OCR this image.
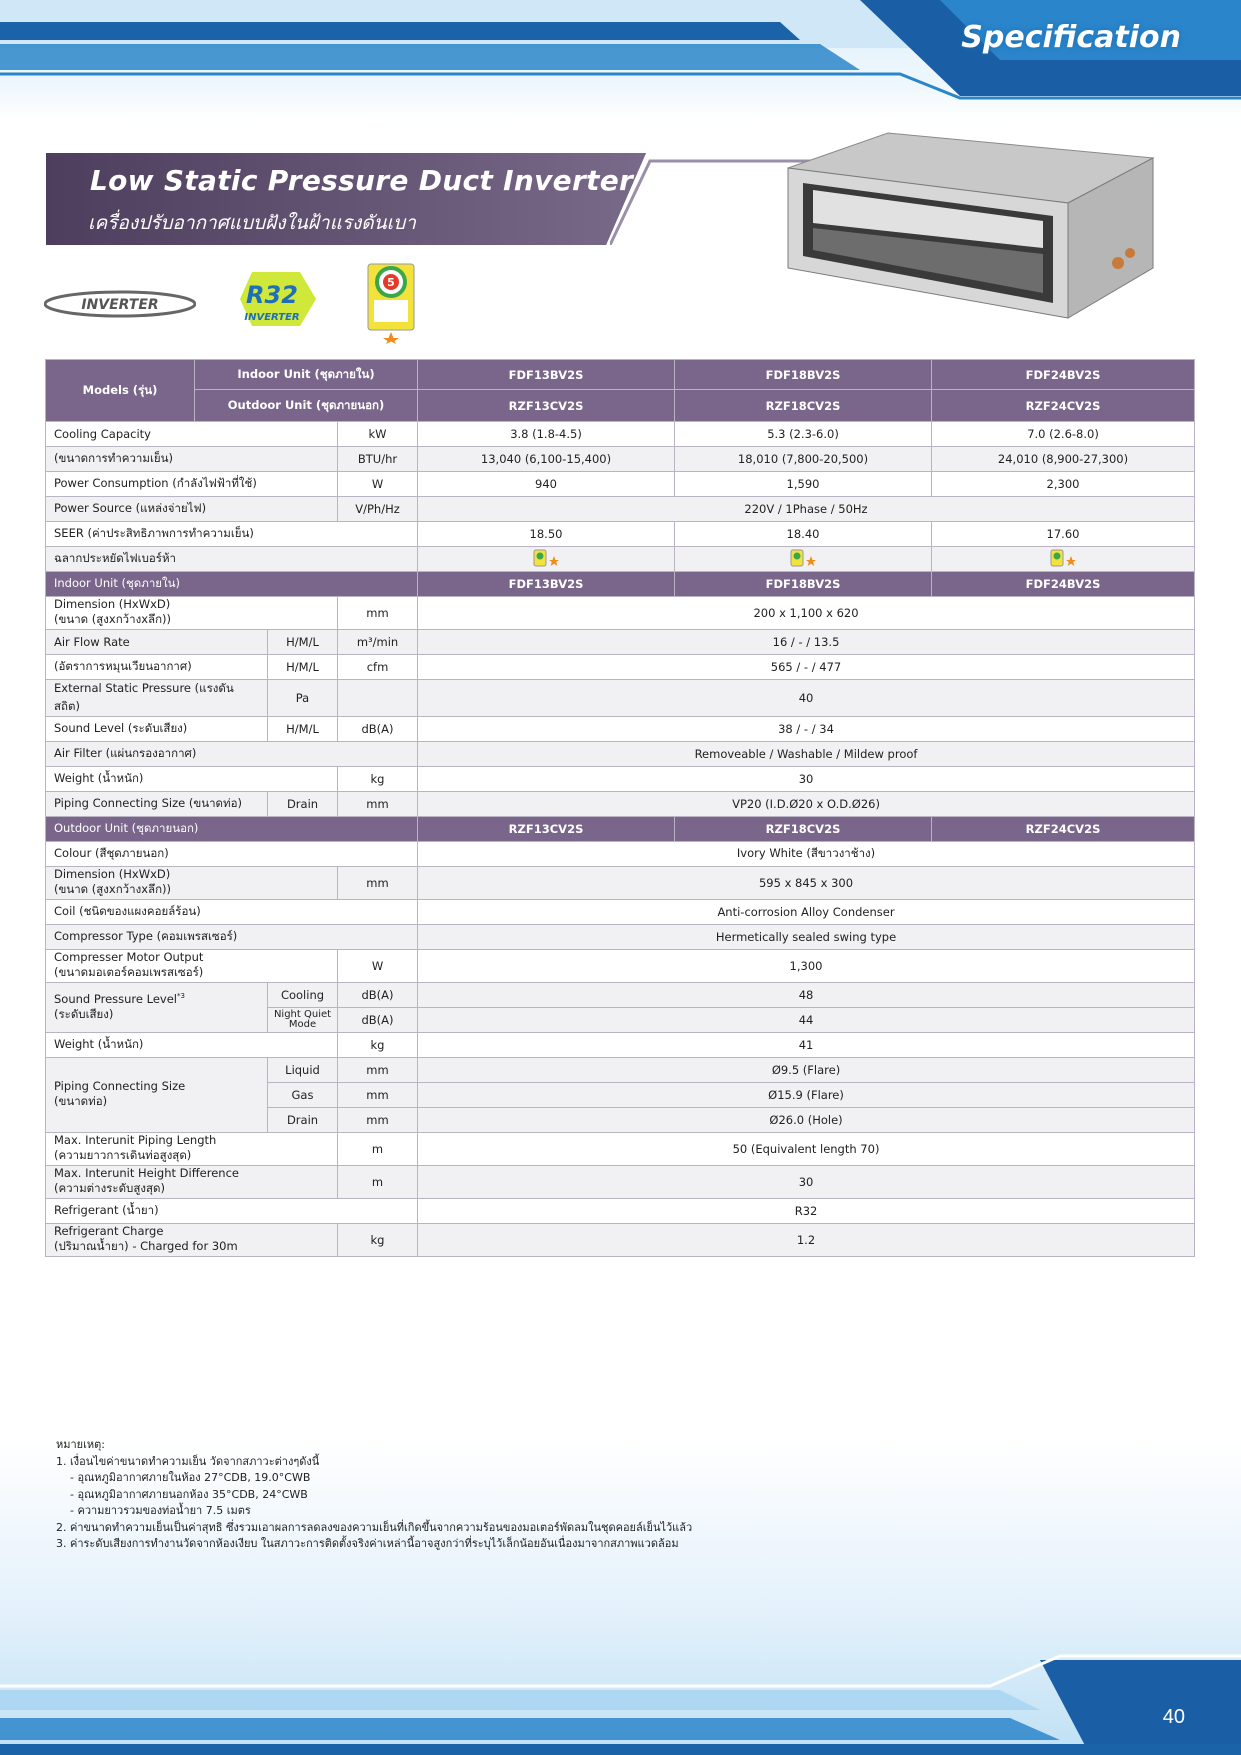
Specification
40
Low Static Pressure Duct Inverter
เครื่องปรับอากาศแบบฝังในฝ้าแรงดันเบา
INVERTER	R32
INVERTER
5
Models (รุ่น)	Indoor Unit (ชุดภายใน)			FDF13BV2S	FDF18BV2S	FDF24BV2S
	Outdoor Unit (ชุดภายนอก)			RZF13CV2S	RZF18CV2S	RZF24CV2S
Cooling Capacity			kW	3.8 (1.8-4.5)	5.3 (2.3-6.0)	7.0 (2.6-8.0)
(ขนาดการทำความเย็น)			BTU/hr	13,040 (6,100-15,400)	18,010 (7,800-20,500)	24,010 (8,900-27,300)
Power Consumption (กำลังไฟฟ้าที่ใช้)			W	940	1,590	2,300
Power Source (แหล่งจ่ายไฟ)			V/Ph/Hz	220V / 1Phase / 50Hz		
SEER (ค่าประสิทธิภาพการทำความเย็น)				18.50	18.40	17.60
ฉลากประหยัดไฟเบอร์ห้า			
Indoor Unit (ชุดภายใน)				FDF13BV2S	FDF18BV2S	FDF24BV2S

Dimension (HxWxD)
(ขนาด (สูงxกว้างxลึก))			mm	200 x 1,100 x 620		
Air Flow Rate		H/M/L	m³/min	16 / - / 13.5		
(อัตราการหมุนเวียนอากาศ)		H/M/L	cfm	565 / - / 477		
External Static Pressure (แรงดันสถิต)		Pa		40		
Sound Level (ระดับเสียง)		H/M/L	dB(A)	38 / - / 34		
Air Filter (แผ่นกรองอากาศ)				Removeable / Washable / Mildew proof		
Weight (น้ำหนัก)			kg	30		
Piping Connecting Size (ขนาดท่อ)		Drain	mm	VP20 (I.D.Ø20 x O.D.Ø26)		
Outdoor Unit (ชุดภายนอก)				RZF13CV2S	RZF18CV2S	RZF24CV2S
Colour (สีชุดภายนอก)				Ivory White (สีขาวงาช้าง)		

Dimension (HxWxD)
(ขนาด (สูงxกว้างxลึก))			mm	595 x 845 x 300		
Coil (ชนิดของแผงคอยล์ร้อน)				Anti-corrosion Alloy Condenser		
Compressor Type (คอมเพรสเซอร์)				Hermetically sealed swing type		

Compresser Motor Output
(ขนาดมอเตอร์คอมเพรสเซอร์)			W	1,300		

Sound Pressure Level$^{*3}$
(ระดับเสียง)		Cooling	dB(A)	48		
		Night Quiet Mode	dB(A)	44		
Weight (น้ำหนัก)			kg	41		

Piping Connecting Size
(ขนาดท่อ)		Liquid	mm	Ø9.5 (Flare)		
		Gas	mm	Ø15.9 (Flare)		
		Drain	mm	Ø26.0 (Hole)		

Max. Interunit Piping Length
(ความยาวการเดินท่อสูงสุด)			m	50 (Equivalent length 70)		

Max. Interunit Height Difference
(ความต่างระดับสูงสุด)			m	30		
Refrigerant (น้ำยา)				R32		

Refrigerant Charge
(ปริมาณน้ำยา) - Charged for 30m			kg	1.2		
หมายเหตุ:
1. เงื่อนไขค่าขนาดทำความเย็น วัดจากสภาวะต่างๆดังนี้
- อุณหภูมิอากาศภายในห้อง 27°CDB, 19.0°CWB
- อุณหภูมิอากาศภายนอกห้อง 35°CDB, 24°CWB
- ความยาวรวมของท่อน้ำยา 7.5 เมตร
2. ค่าขนาดทำความเย็นเป็นค่าสุทธิ ซึ่งรวมเอาผลการลดลงของความเย็นที่เกิดขึ้นจากความร้อนของมอเตอร์พัดลมในชุดคอยล์เย็นไว้แล้ว
3. ค่าระดับเสียงการทำงานวัดจากห้องเงียบ ในสภาวะการติดตั้งจริงค่าเหล่านี้อาจสูงกว่าที่ระบุไว้เล็กน้อยอันเนื่องมาจากสภาพแวดล้อม
